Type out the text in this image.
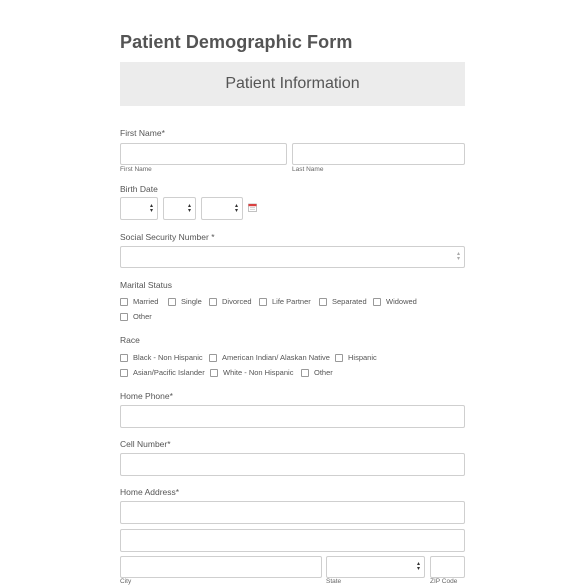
Patient Demographic Form
Patient Information
First Name*
First Name	Last Name
Birth Date
▴
▾
▴
▾
▴
▾
Social Security Number *
▴
▾
Marital Status
Married	Single	Divorced	Life Partner	Separated	Widowed
Other
Race
Black - Non Hispanic	American Indian/ Alaskan Native Hispanic
Asian/Pacific Islander White - Non Hispanic	Other
Home Phone*
Cell Number*
Home Address*
▴
▾
City	State	ZIP Code
